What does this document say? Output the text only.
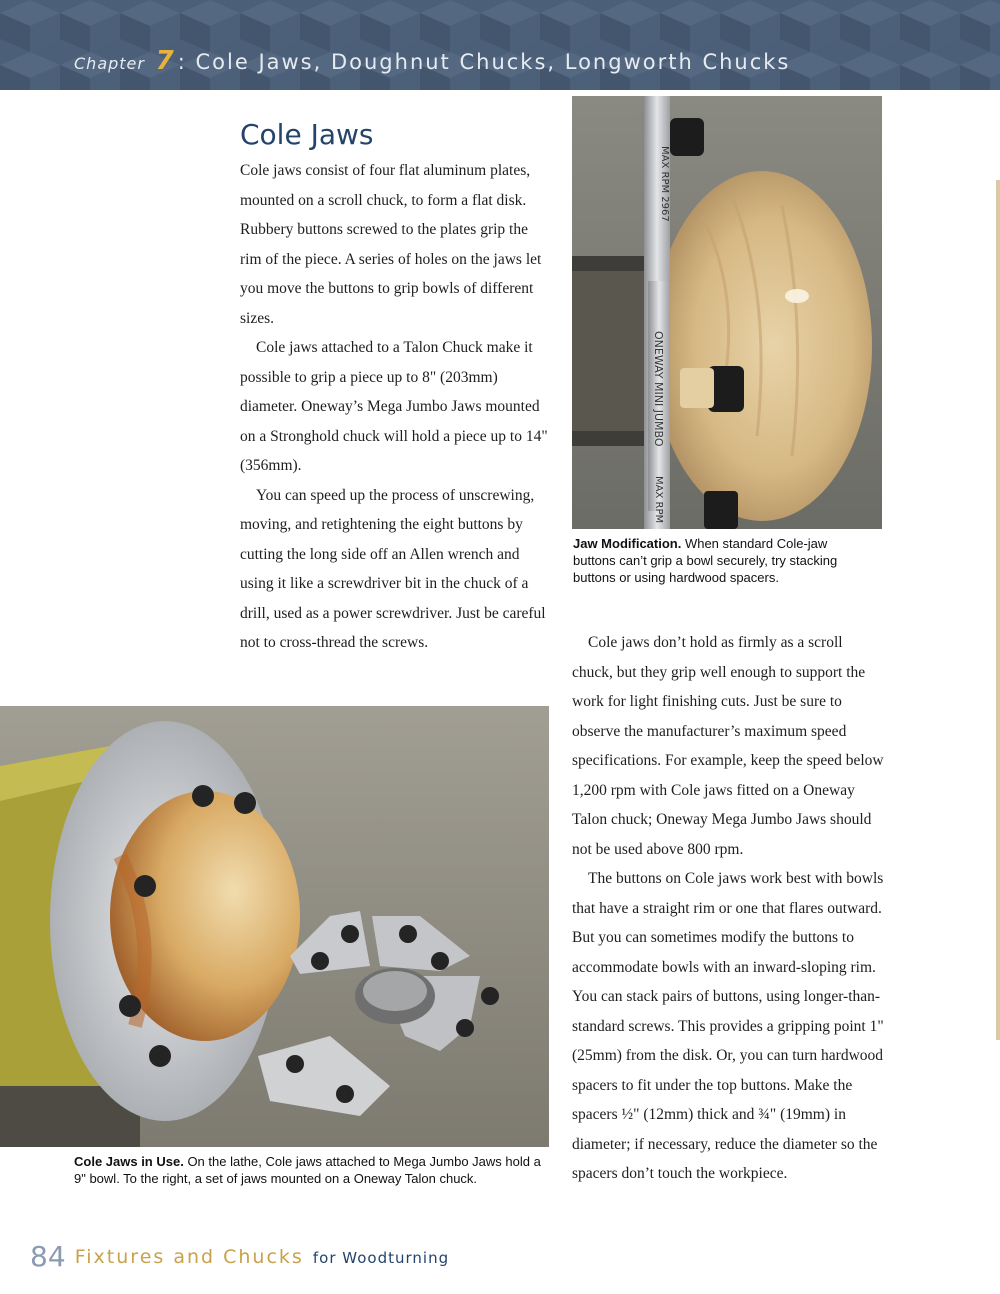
Chapter 7: Cole Jaws, Doughnut Chucks, Longworth Chucks
Cole Jaws

Cole jaws consist of four flat aluminum plates, mounted on a scroll chuck, to form a flat disk. Rubbery buttons screwed to the plates grip the rim of the piece. A series of holes on the jaws let you move the buttons to grip bowls of different sizes.

Cole jaws attached to a Talon Chuck make it possible to grip a piece up to 8" (203mm) diameter. Oneway’s Mega Jumbo Jaws mounted on a Stronghold chuck will hold a piece up to 14" (356mm).

You can speed up the process of unscrewing, moving, and retightening the eight buttons by cutting the long side off an Allen wrench and using it like a screwdriver bit in the chuck of a drill, used as a power screwdriver. Just be careful not to cross-thread the screws.

MAX RPM 2967
ONEWAY MINI JUMBO
MAX RPM
Jaw Modification. When standard Cole-jaw buttons can’t grip a bowl securely, try stacking buttons or using hardwood spacers.

Cole jaws don’t hold as firmly as a scroll chuck, but they grip well enough to support the work for light finishing cuts. Just be sure to observe the manufacturer’s maximum speed specifications. For example, keep the speed below 1,200 rpm with Cole jaws fitted on a Oneway Talon chuck; Oneway Mega Jumbo Jaws should not be used above 800 rpm.

The buttons on Cole jaws work best with bowls that have a straight rim or one that flares outward. But you can sometimes modify the buttons to accommodate bowls with an inward-sloping rim. You can stack pairs of buttons, using longer-than-standard screws. This provides a gripping point 1" (25mm) from the disk. Or, you can turn hardwood spacers to fit under the top buttons. Make the spacers ½" (12mm) thick and ¾" (19mm) in diameter; if necessary, reduce the diameter so the spacers don’t touch the workpiece.

Cole Jaws in Use. On the lathe, Cole jaws attached to Mega Jumbo Jaws hold a 9" bowl. To the right, a set of jaws mounted on a Oneway Talon chuck.
84 Fixtures and Chucks for Woodturning
